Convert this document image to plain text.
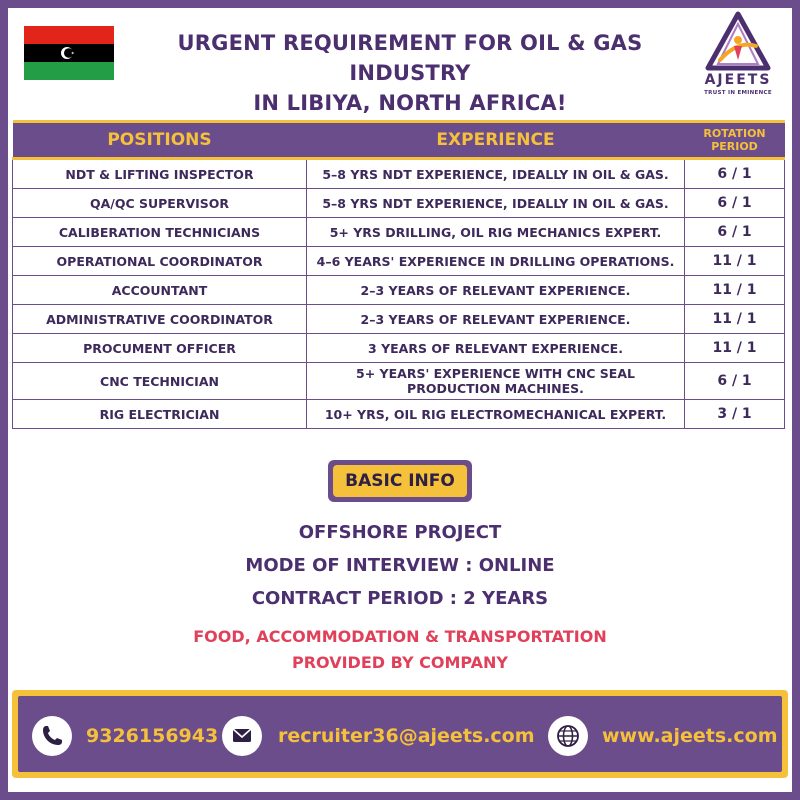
URGENT REQUIREMENT FOR OIL & GAS INDUSTRY
IN LIBIYA, NORTH AFRICA!
AJEETS
TRUST IN EMINENCE
POSITIONS	EXPERIENCE	ROTATION
PERIOD

NDT & LIFTING INSPECTOR	5–8 YRS NDT EXPERIENCE, IDEALLY IN OIL & GAS.	6 / 1
QA/QC SUPERVISOR	5–8 YRS NDT EXPERIENCE, IDEALLY IN OIL & GAS.	6 / 1
CALIBERATION TECHNICIANS	5+ YRS DRILLING, OIL RIG MECHANICS EXPERT.	6 / 1
OPERATIONAL COORDINATOR	4–6 YEARS' EXPERIENCE IN DRILLING OPERATIONS.	11 / 1
ACCOUNTANT	2–3 YEARS OF RELEVANT EXPERIENCE.	11 / 1
ADMINISTRATIVE COORDINATOR	2–3 YEARS OF RELEVANT EXPERIENCE.	11 / 1
PROCUMENT OFFICER	3 YEARS OF RELEVANT EXPERIENCE.	11 / 1
CNC TECHNICIAN	5+ YEARS' EXPERIENCE WITH CNC SEAL PRODUCTION MACHINES.	6 / 1
RIG ELECTRICIAN	10+ YRS, OIL RIG ELECTROMECHANICAL EXPERT.	3 / 1
BASIC INFO
OFFSHORE PROJECT
MODE OF INTERVIEW : ONLINE
CONTRACT PERIOD : 2 YEARS
FOOD, ACCOMMODATION & TRANSPORTATION
PROVIDED BY COMPANY
9326156943	recruiter36@ajeets.com	www.ajeets.com
